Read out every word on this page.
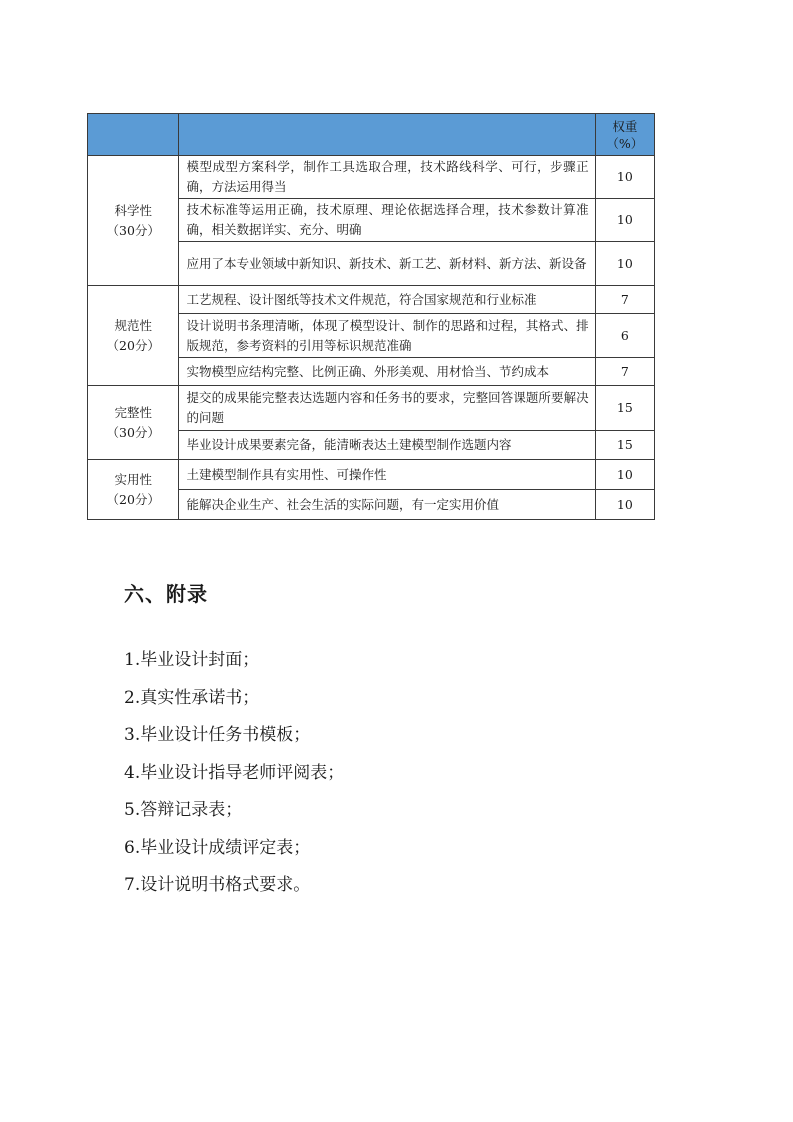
		权重
（%）

科学性
（30分）	模型成型方案科学，制作工具选取合理，技术路线科学、可行，步骤正确，方法运用得当	10
	技术标准等运用正确，技术原理、理论依据选择合理，技术参数计算准确，相关数据详实、充分、明确	10
	应用了本专业领域中新知识、新技术、新工艺、新材料、新方法、新设备	10

规范性
（20分）	工艺规程、设计图纸等技术文件规范，符合国家规范和行业标准	7
	设计说明书条理清晰，体现了模型设计、制作的思路和过程，其格式、排版规范，参考资料的引用等标识规范准确	6
	实物模型应结构完整、比例正确、外形美观、用材恰当、节约成本	7

完整性
（30分）	提交的成果能完整表达选题内容和任务书的要求，完整回答课题所要解决的问题	15
	毕业设计成果要素完备，能清晰表达土建模型制作选题内容	15

实用性
（20分）	土建模型制作具有实用性、可操作性	10
	能解决企业生产、社会生活的实际问题，有一定实用价值	10
六、附录
1.毕业设计封面；
2.真实性承诺书；
3.毕业设计任务书模板；
4.毕业设计指导老师评阅表；
5.答辩记录表；
6.毕业设计成绩评定表；
7.设计说明书格式要求。
